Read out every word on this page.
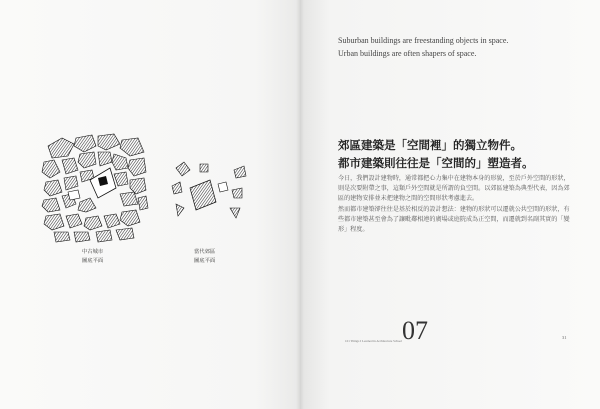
中古城市
圖底平面
當代郊區
圖底平面
Suburban buildings are freestanding objects in space.
Urban buildings are often shapers of space.
郊區建築是「空間裡」的獨立物件。
都市建築則往往是「空間的」塑造者。

今日，我們設計建物時，通常都把心力集中在建物本身的形貌，至於戶外空間的形狀，則是次要附帶之事，這類戶外空間就是所謂的負空間。以郊區建築為典型代表，因為郊區的建物安排並未把建物之間的空間形狀考慮進去。

然而都市建築卻往往是基於相反的設計想法：建物的形狀可以遷就公共空間的形狀，有些都市建築甚至會為了讓毗鄰相連的廣場或庭院成為正空間，而遷就到名副其實的「變形」程度。

101 Things I Learned in Architecture School 07	31
